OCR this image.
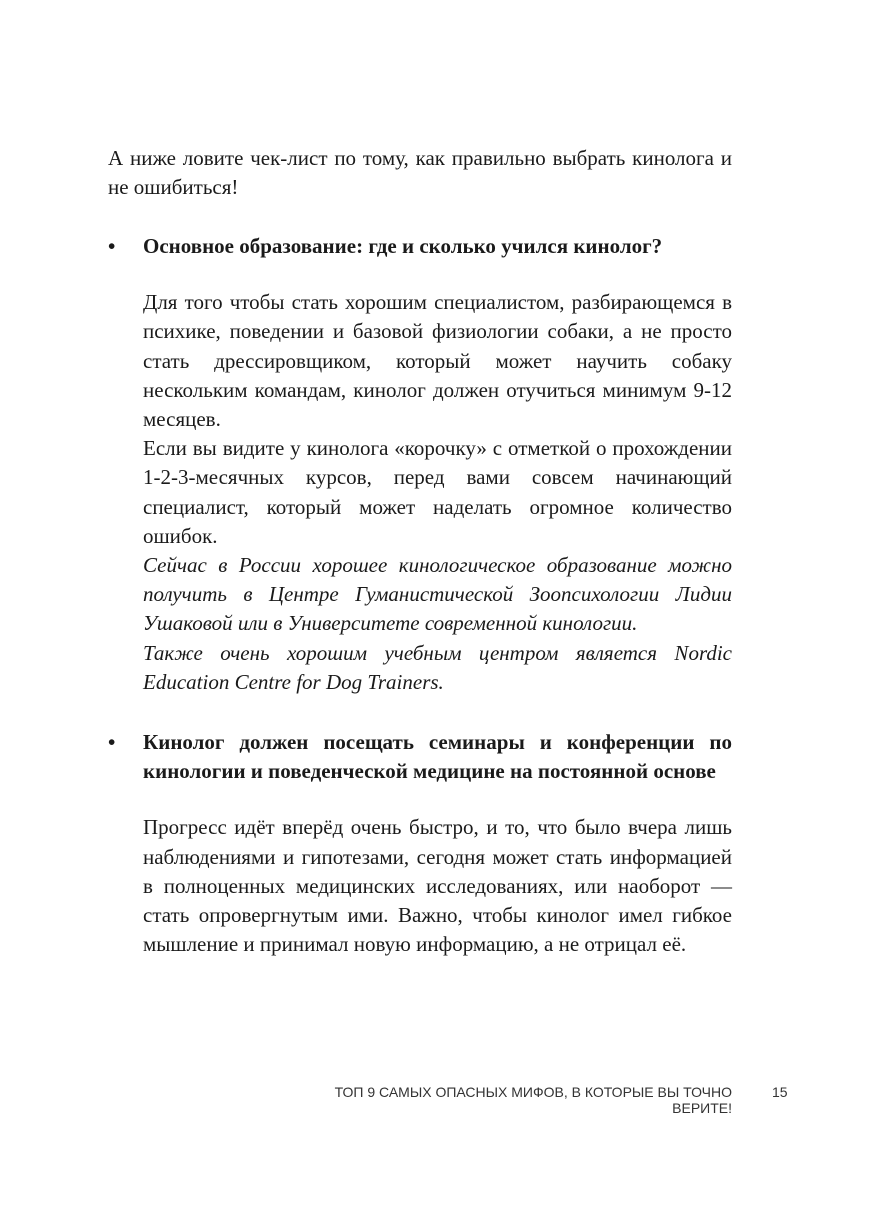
А ниже ловите чек-лист по тому, как правильно выбрать кинолога и не ошибиться!

• Основное образование: где и сколько учился кинолог?

Для того чтобы стать хорошим специалистом, разбирающемся в психике, поведении и базовой физиологии собаки, а не просто стать дрессировщиком, который может научить собаку нескольким командам, кинолог должен отучиться минимум 9-12 месяцев.

Если вы видите у кинолога «корочку» с отметкой о прохождении 1-2-3-месячных курсов, перед вами совсем начинающий специалист, который может наделать огромное количество ошибок.

Сейчас в России хорошее кинологическое образование можно получить в Центре Гуманистической Зоопсихологии Лидии Ушаковой или в Университете современной кинологии.

Также очень хорошим учебным центром является Nordic Education Centre for Dog Trainers.

• Кинолог должен посещать семинары и конференции по кинологии и поведенческой медицине на постоянной основе

Прогресс идёт вперёд очень быстро, и то, что было вчера лишь наблюдениями и гипотезами, сегодня может стать информацией в полноценных медицинских исследованиях, или наоборот — стать опровергнутым ими. Важно, чтобы кинолог имел гибкое мышление и принимал новую информацию, а не отрицал её.

ТОП 9 САМЫХ ОПАСНЫХ МИФОВ, В КОТОРЫЕ ВЫ ТОЧНО ВЕРИТЕ!
15
